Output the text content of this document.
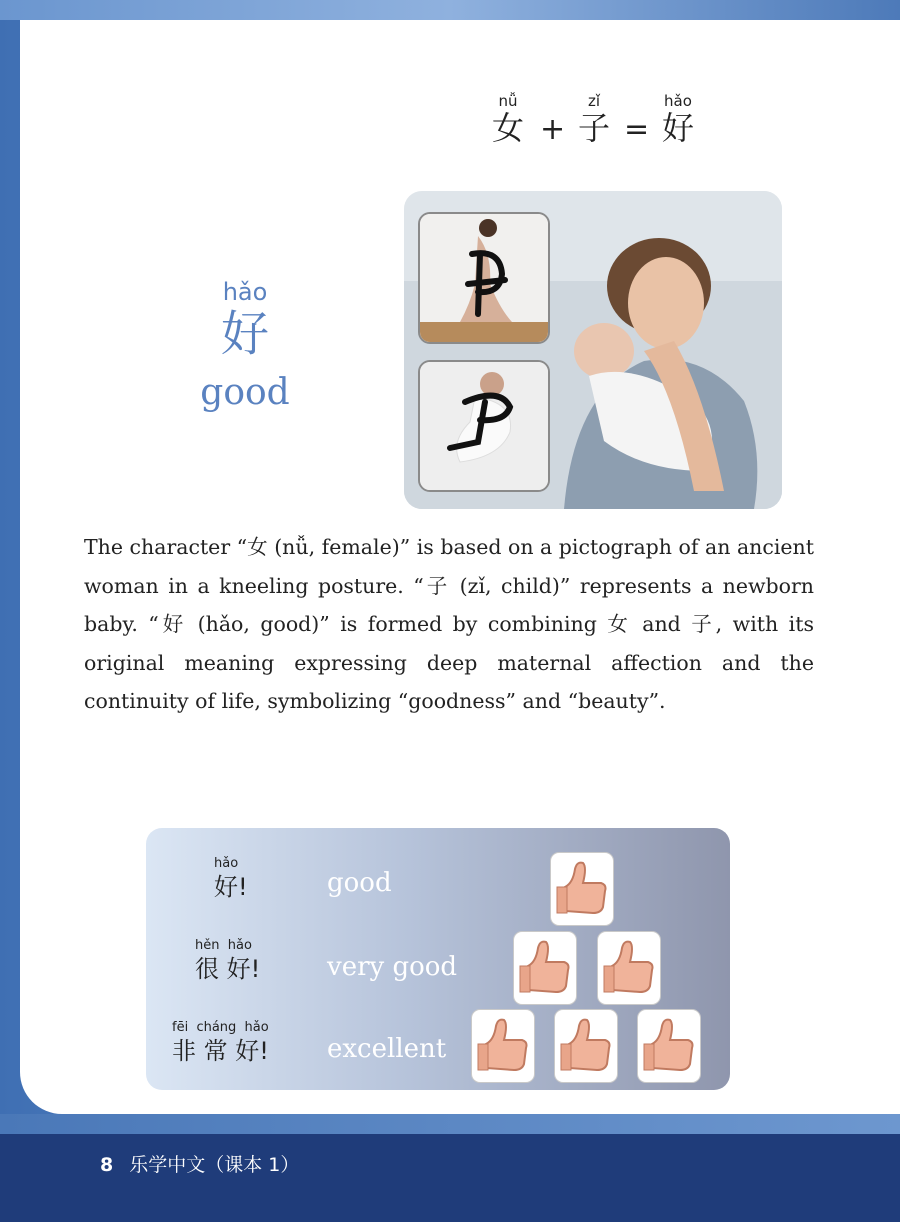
nǚ
女 +
zǐ
子 =
hǎo
好
hǎo
好
good
The character “女 (nǚ, female)” is based on a pictograph of an ancient woman in a kneeling posture. “子 (zǐ, child)” represents a newborn baby. “好 (hǎo, good)” is formed by combining 女 and 子, with its original meaning expressing deep maternal affection and the continuity of life, symbolizing “goodness” and “beauty”.
hǎo
好!	good
hěn  hǎo
很 好!	very good
fēi  cháng  hǎo
非 常 好! excellent
8 乐学中文（课本 1）
